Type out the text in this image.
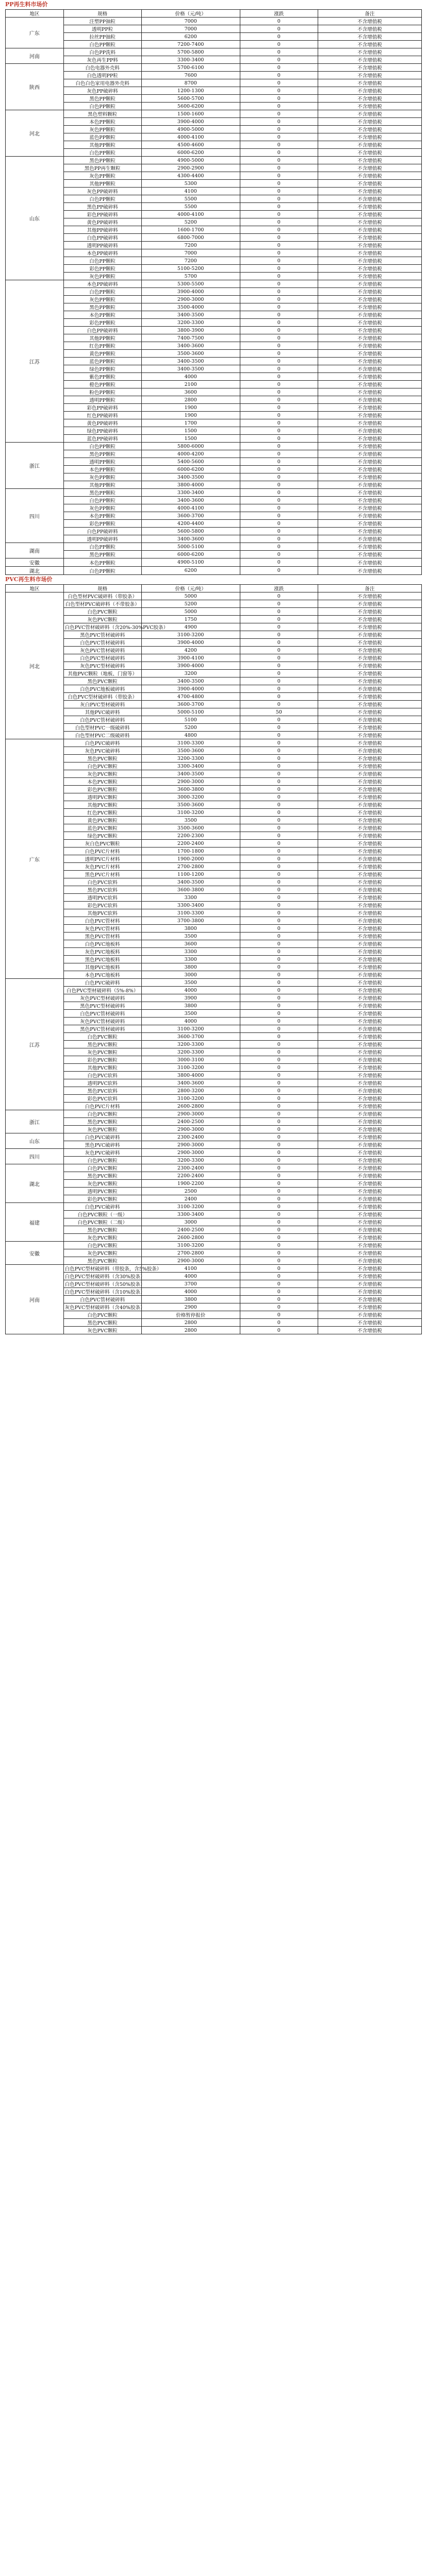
PP再生料市场价
地区	规格	价格（元/吨）	涨跌	备注
广东	注塑PP抽粒	7000	0	不含增值税
	透明PP粒	7000	0	不含增值税
	拉丝PP抽粒	6200	0	不含增值税
	白色PP颗粒	7200-7400	0	不含增值税
河南	白色PP洗料	5700-5800	0	不含增值税
	灰色再生PP料	3300-3400	0	不含增值税
陕西	白色电器外壳料	5700-6100	0	不含增值税
	白色透明PP粒	7600	0	不含增值税
	白色白色家用电器外壳料	8700	0	不含增值税
	灰色PP破碎料	1200-1300	0	不含增值税
	黑色PP颗粒	5600-5700	0	不含增值税
	白色PP颗粒	5600-6200	0	不含增值税
河北	黑色塑料颗粒	1500-1600	0	不含增值税
	本色PP颗粒	3900-4000	0	不含增值税
	灰色PP颗粒	4900-5000	0	不含增值税
	蓝色PP颗粒	4000-4100	0	不含增值税
	其他PP颗粒	4500-4600	0	不含增值税
	白色PP颗粒	6000-6200	0	不含增值税
山东	黑色PP颗粒	4900-5000	0	不含增值税
	黑色PP再生颗粒	2900-2900	0	不含增值税
	灰色PP颗粒	4300-4400	0	不含增值税
	其他PP颗粒	5300	0	不含增值税
	灰色PP破碎料	4100	0	不含增值税
	白色PP颗粒	5500	0	不含增值税
	黑色PP破碎料	5500	0	不含增值税
	彩色PP破碎料	4000-4100	0	不含增值税
	黄色PP破碎料	5200	0	不含增值税
	其他PP破碎料	1600-1700	0	不含增值税
	白色PP破碎料	6800-7000	0	不含增值税
	透明PP破碎料	7200	0	不含增值税
	本色PP破碎料	7000	0	不含增值税
	白色PP颗粒	7200	0	不含增值税
	彩色PP颗粒	5100-5200	0	不含增值税
	灰色PP颗粒	5700	0	不含增值税
江苏	本色PP破碎料	5300-5500	0	不含增值税
	白色PP颗粒	3900-4000	0	不含增值税
	灰色PP颗粒	2900-3000	0	不含增值税
	黑色PP颗粒	3500-4000	0	不含增值税
	本色PP颗粒	3400-3500	0	不含增值税
	彩色PP颗粒	3200-3300	0	不含增值税
	白色PP破碎料	3800-3900	0	不含增值税
	其他PP颗粒	7400-7500	0	不含增值税
	红色PP颗粒	3400-3600	0	不含增值税
	黄色PP颗粒	3500-3600	0	不含增值税
	蓝色PP颗粒	3400-3500	0	不含增值税
	绿色PP颗粒	3400-3500	0	不含增值税
	紫色PP颗粒	4000	0	不含增值税
	橙色PP颗粒	2100	0	不含增值税
	粉色PP颗粒	3600	0	不含增值税
	透明PP颗粒	2800	0	不含增值税
	彩色PP破碎料	1900	0	不含增值税
	红色PP破碎料	1900	0	不含增值税
	黄色PP破碎料	1700	0	不含增值税
	绿色PP破碎料	1500	0	不含增值税
	蓝色PP破碎料	1500	0	不含增值税
浙江	白色PP颗粒	5800-6000	0	不含增值税
	黑色PP颗粒	4000-4200	0	不含增值税
	透明PP颗粒	5400-5600	0	不含增值税
	本色PP颗粒	6000-6200	0	不含增值税
	灰色PP颗粒	3400-3500	0	不含增值税
	其他PP颗粒	3800-4000	0	不含增值税
四川	黑色PP颗粒	3300-3400	0	不含增值税
	白色PP颗粒	3400-3600	0	不含增值税
	灰色PP颗粒	4000-4100	0	不含增值税
	本色PP颗粒	3600-3700	0	不含增值税
	彩色PP颗粒	4200-4400	0	不含增值税
	白色PP破碎料	5600-5800	0	不含增值税
	透明PP破碎料	3400-3600	0	不含增值税
湖南	白色PP颗粒	5000-5100	0	不含增值税
	黑色PP颗粒	6000-6200	0	不含增值税
安徽	本色PP颗粒	4900-5100	0	不含增值税
湖北	白色PP颗粒	6200	0	不含增值税
PVC再生料市场价
地区	规格	价格（元/吨）	涨跌	备注
河北	白色型材PVC破碎料（带胶条）	5000	0	不含增值税
	白色型材PVC破碎料（不带胶条）	5200	0	不含增值税
	白色PVC颗粒	5000	0	不含增值税
	灰色PVC颗粒	1750	0	不含增值税
	白色PVC管材破碎料（含20%-30%PVC胶条）	4900	0	不含增值税
	黑色PVC管材破碎料	3100-3200	0	不含增值税
	白色PVC管材破碎料	3900-4000	0	不含增值税
	灰色PVC管材破碎料	4200	0	不含增值税
	白色PVC型材破碎料	3900-4100	0	不含增值税
	灰色PVC型材破碎料	3900-4000	0	不含增值税
	其他PVC颗粒（地板、门窗等）	3200	0	不含增值税
	黑色PVC颗粒	3400-3500	0	不含增值税
	白色PVC地板破碎料	3900-4000	0	不含增值税
	白色PVC型材破碎料（带胶条）	4700-4800	0	不含增值税
	灰白PVC型材破碎料	3600-3700	0	不含增值税
	其他PVC破碎料	5000-5100	50	不含增值税
	白色PVC管材破碎料	5100	0	不含增值税
	白色型材PVC一级破碎料	5200	0	不含增值税
	白色型材PVC二级破碎料	4800	0	不含增值税
广东	白色PVC破碎料	3100-3300	0	不含增值税
	灰色PVC破碎料	3500-3600	0	不含增值税
	黑色PVC颗粒	3200-3300	0	不含增值税
	白色PVC颗粒	3300-3400	0	不含增值税
	灰色PVC颗粒	3400-3500	0	不含增值税
	本色PVC颗粒	2900-3000	0	不含增值税
	彩色PVC颗粒	3600-3800	0	不含增值税
	透明PVC颗粒	3000-3200	0	不含增值税
	其他PVC颗粒	3500-3600	0	不含增值税
	红色PVC颗粒	3100-3200	0	不含增值税
	黄色PVC颗粒	3500	0	不含增值税
	蓝色PVC颗粒	3500-3600	0	不含增值税
	绿色PVC颗粒	2200-2300	0	不含增值税
	灰白色PVC颗粒	2200-2400	0	不含增值税
	白色PVC片材料	1700-1800	0	不含增值税
	透明PVC片材料	1900-2000	0	不含增值税
	灰色PVC片材料	2700-2800	0	不含增值税
	黑色PVC片材料	1100-1200	0	不含增值税
	白色PVC软料	3400-3500	0	不含增值税
	黑色PVC软料	3600-3800	0	不含增值税
	透明PVC软料	3300	0	不含增值税
	彩色PVC软料	3300-3400	0	不含增值税
	其他PVC软料	3100-3300	0	不含增值税
	白色PVC管材料	3700-3800	0	不含增值税
	灰色PVC管材料	3800	0	不含增值税
	黑色PVC管材料	3500	0	不含增值税
	白色PVC地板料	3600	0	不含增值税
	灰色PVC地板料	3300	0	不含增值税
	黑色PVC地板料	3300	0	不含增值税
	其他PVC地板料	3800	0	不含增值税
	本色PVC地板料	3000	0	不含增值税
江苏	白色PVC破碎料	3500	0	不含增值税
	白色PVC型材破碎料（5%-8%）	4000	0	不含增值税
	灰色PVC型材破碎料	3900	0	不含增值税
	黑色PVC型材破碎料	3800	0	不含增值税
	白色PVC管材破碎料	3500	0	不含增值税
	灰色PVC管材破碎料	4000	0	不含增值税
	黑色PVC管材破碎料	3100-3200	0	不含增值税
	白色PVC颗粒	3600-3700	0	不含增值税
	黑色PVC颗粒	3200-3300	0	不含增值税
	灰色PVC颗粒	3200-3300	0	不含增值税
	彩色PVC颗粒	3000-3100	0	不含增值税
	其他PVC颗粒	3100-3200	0	不含增值税
	白色PVC软料	3800-4000	0	不含增值税
	透明PVC软料	3400-3600	0	不含增值税
	黑色PVC软料	2800-3200	0	不含增值税
	彩色PVC软料	3100-3200	0	不含增值税
	白色PVC片材料	2600-2800	0	不含增值税
浙江	白色PVC颗粒	2900-3000	0	不含增值税
	黑色PVC颗粒	2400-2500	0	不含增值税
	灰色PVC颗粒	2900-3000	0	不含增值税
山东	白色PVC破碎料	2300-2400	0	不含增值税
	黑色PVC破碎料	2900-3000	0	不含增值税
四川	灰色PVC破碎料	2900-3000	0	不含增值税
	白色PVC颗粒	3200-3300	0	不含增值税
湖北	白色PVC颗粒	2300-2400	0	不含增值税
	黑色PVC颗粒	2200-2400	0	不含增值税
	灰色PVC颗粒	1900-2200	0	不含增值税
	透明PVC颗粒	2500	0	不含增值税
	彩色PVC颗粒	2400	0	不含增值税
福建	白色PVC破碎料	3100-3200	0	不含增值税
	白色PVC颗粒（一级）	3300-3400	0	不含增值税
	白色PVC颗粒（二级）	3000	0	不含增值税
	黑色PVC颗粒	2400-2500	0	不含增值税
	灰色PVC颗粒	2600-2800	0	不含增值税
安徽	白色PVC颗粒	3100-3200	0	不含增值税
	灰色PVC颗粒	2700-2800	0	不含增值税
	黑色PVC颗粒	2900-3000	0	不含增值税
河南	白色PVC型材破碎料（带胶条，含5%胶条）	4100	0	不含增值税
	白色PVC型材破碎料（含30%胶条）	4000	0	不含增值税
	白色PVC型材破碎料（含50%胶条）	3700	0	不含增值税
	白色PVC型材破碎料（含10%胶条）	4000	0	不含增值税
	白色PVC管材破碎料	3800	0	不含增值税
	灰色PVC型材破碎料（含40%胶条）	2900	0	不含增值税
	白色PVC颗粒	价格暂停报价	0	不含增值税
	黑色PVC颗粒	2800	0	不含增值税
	灰色PVC颗粒	2800	0	不含增值税
